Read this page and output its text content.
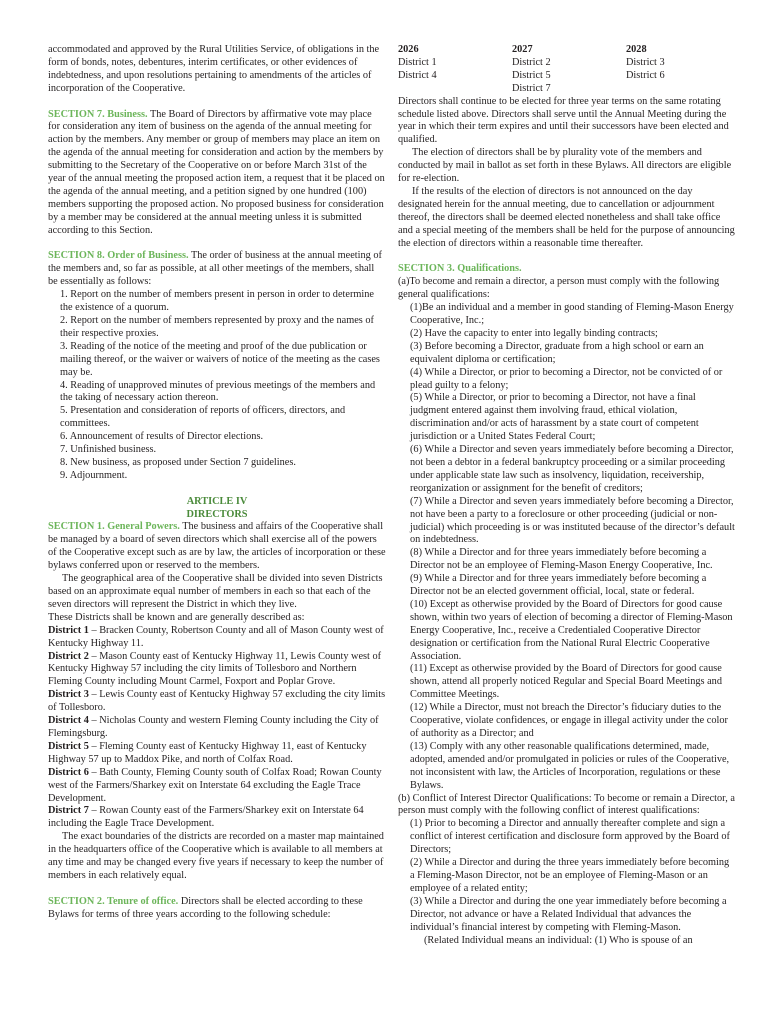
accommodated and approved by the Rural Utilities Service, of obligations in the form of bonds, notes, debentures, interim certificates, or other evidences of indebtedness, and upon resolutions pertaining to amendments of the articles of incorporation of the Cooperative.

SECTION 7. Business. The Board of Directors by affirmative vote may place for consideration any item of business on the agenda of the annual meeting for action by the members. Any member or group of members may place an item on the agenda of the annual meeting for consideration and action by the members by submitting to the Secretary of the Cooperative on or before March 31st of the year of the annual meeting the proposed action item, a request that it be placed on the agenda of the annual meeting, and a petition signed by one hundred (100) members supporting the proposed action. No proposed business for consideration by a member may be considered at the annual meeting unless it is submitted according to this Section.

SECTION 8. Order of Business. The order of business at the annual meeting of the members and, so far as possible, at all other meetings of the members, shall be essentially as follows:

1. Report on the number of members present in person in order to determine the existence of a quorum.

2. Report on the number of members represented by proxy and the names of their respective proxies.

3. Reading of the notice of the meeting and proof of the due publication or mailing thereof, or the waiver or waivers of notice of the meeting as the cases may be.

4. Reading of unapproved minutes of previous meetings of the members and the taking of necessary action thereon.

5. Presentation and consideration of reports of officers, directors, and committees.

6. Announcement of results of Director elections.

7. Unfinished business.

8. New business, as proposed under Section 7 guidelines.

9. Adjournment.

ARTICLE IV

DIRECTORS

SECTION 1. General Powers. The business and affairs of the Cooperative shall be managed by a board of seven directors which shall exercise all of the powers of the Cooperative except such as are by law, the articles of incorporation or these bylaws conferred upon or reserved to the members.

The geographical area of the Cooperative shall be divided into seven Districts based on an approximate equal number of members in each so that each of the seven directors will represent the District in which they live.

These Districts shall be known and are generally described as:

District 1 – Bracken County, Robertson County and all of Mason County west of Kentucky Highway 11.

District 2 – Mason County east of Kentucky Highway 11, Lewis County west of Kentucky Highway 57 including the city limits of Tollesboro and Northern Fleming County including Mount Carmel, Foxport and Poplar Grove.

District 3 – Lewis County east of Kentucky Highway 57 excluding the city limits of Tollesboro.

District 4 – Nicholas County and western Fleming County including the City of Flemingsburg.

District 5 – Fleming County east of Kentucky Highway 11, east of Kentucky Highway 57 up to Maddox Pike, and north of Colfax Road.

District 6 – Bath County, Fleming County south of Colfax Road; Rowan County west of the Farmers/Sharkey exit on Interstate 64 excluding the Eagle Trace Development.

District 7 – Rowan County east of the Farmers/Sharkey exit on Interstate 64 including the Eagle Trace Development.

The exact boundaries of the districts are recorded on a master map maintained in the headquarters office of the Cooperative which is available to all members at any time and may be changed every five years if necessary to keep the number of members in each relatively equal.

SECTION 2. Tenure of office. Directors shall be elected according to these Bylaws for terms of three years according to the following schedule:

2026

District 1

District 4

2027

District 2

District 5

District 7

2028

District 3

District 6

Directors shall continue to be elected for three year terms on the same rotating schedule listed above. Directors shall serve until the Annual Meeting during the year in which their term expires and until their successors have been elected and qualified.

The election of directors shall be by plurality vote of the members and conducted by mail in ballot as set forth in these Bylaws. All directors are eligible for re-election.

If the results of the election of directors is not announced on the day designated herein for the annual meeting, due to cancellation or adjournment thereof, the directors shall be deemed elected nonetheless and shall take office and a special meeting of the members shall be held for the purpose of announcing the election of directors within a reasonable time thereafter.

SECTION 3. Qualifications.

(a)To become and remain a director, a person must comply with the following general qualifications:

(1)Be an individual and a member in good standing of Fleming-Mason Energy Cooperative, Inc.;

(2) Have the capacity to enter into legally binding contracts;

(3) Before becoming a Director, graduate from a high school or earn an equivalent diploma or certification;

(4) While a Director, or prior to becoming a Director, not be convicted of or plead guilty to a felony;

(5) While a Director, or prior to becoming a Director, not have a final judgment entered against them involving fraud, ethical violation, discrimination and/or acts of harassment by a state court of competent jurisdiction or a United States Federal Court;

(6) While a Director and seven years immediately before becoming a Director, not been a debtor in a federal bankruptcy proceeding or a similar proceeding under applicable state law such as insolvency, liquidation, receivership, reorganization or assignment for the benefit of creditors;

(7) While a Director and seven years immediately before becoming a Director, not have been a party to a foreclosure or other proceeding (judicial or non-judicial) which proceeding is or was instituted because of the director’s default on indebtedness.

(8) While a Director and for three years immediately before becoming a Director not be an employee of Fleming-Mason Energy Cooperative, Inc.

(9) While a Director and for three years immediately before becoming a Director not be an elected government official, local, state or federal.

(10) Except as otherwise provided by the Board of Directors for good cause shown, within two years of election of becoming a director of Fleming-Mason Energy Cooperative, Inc., receive a Credentialed Cooperative Director designation or certification from the National Rural Electric Cooperative Association.

(11) Except as otherwise provided by the Board of Directors for good cause shown, attend all properly noticed Regular and Special Board Meetings and Committee Meetings.

(12) While a Director, must not breach the Director’s fiduciary duties to the Cooperative, violate confidences, or engage in illegal activity under the color of authority as a Director; and

(13) Comply with any other reasonable qualifications determined, made, adopted, amended and/or promulgated in policies or rules of the Cooperative, not inconsistent with law, the Articles of Incorporation, regulations or these Bylaws.

(b) Conflict of Interest Director Qualifications: To become or remain a Director, a person must comply with the following conflict of interest qualifications:

(1) Prior to becoming a Director and annually thereafter complete and sign a conflict of interest certification and disclosure form approved by the Board of Directors;

(2) While a Director and during the three years immediately before becoming a Fleming-Mason Director, not be an employee of Fleming-Mason or an employee of a related entity;

(3) While a Director and during the one year immediately before becoming a Director, not advance or have a Related Individual that advances the individual’s financial interest by competing with Fleming-Mason.

(Related Individual means an individual: (1) Who is spouse of an
